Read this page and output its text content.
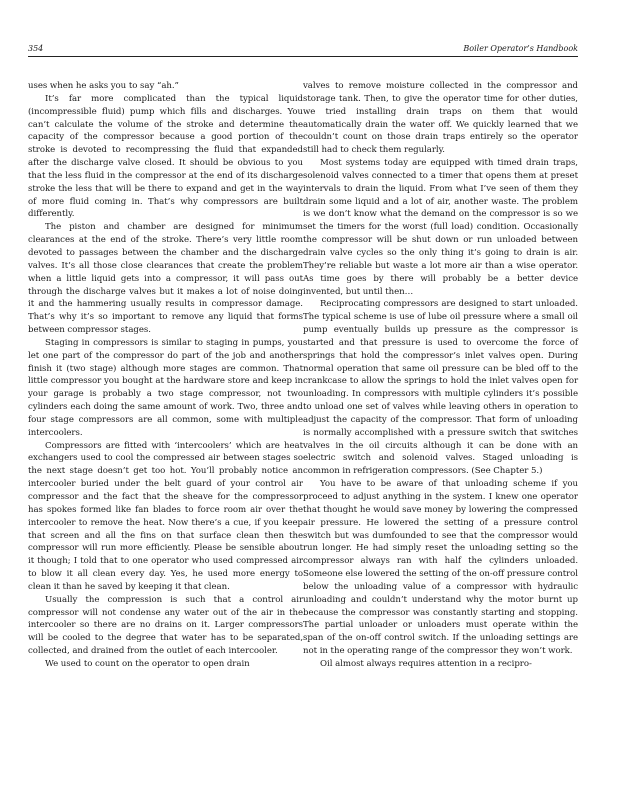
354	Boiler Operator’s Handbook

uses when he asks you to say “ah.”

It’s far more complicated than the typical liquid (incompressible fluid) pump which fills and discharges. You can’t calculate the volume of the stroke and determine the capacity of the compressor because a good portion of the stroke is devoted to recompressing the fluid that expanded after the discharge valve closed. It should be obvious to you that the less fluid in the compressor at the end of its discharge stroke the less that will be there to expand and get in the way of more fluid coming in. That’s why compressors are built differently.

The piston and chamber are designed for minimum clearances at the end of the stroke. There’s very little room devoted to passages between the chamber and the discharge valves. It’s all those close clearances that create the problem when a little liquid gets into a compressor, it will pass out through the discharge valves but it makes a lot of noise doing it and the hammering usually results in compressor damage. That’s why it’s so important to remove any liquid that forms between compressor stages.

Staging in compressors is similar to staging in pumps, you let one part of the compressor do part of the job and another finish it (two stage) although more stages are common. That little compressor you bought at the hardware store and keep in your garage is probably a two stage compressor, not two cylinders each doing the same amount of work. Two, three and four stage compressors are all common, some with multiple intercoolers.

Compressors are fitted with ‘intercoolers’ which are heat exchangers used to cool the compressed air between stages so the next stage doesn’t get too hot. You’ll probably notice an intercooler buried under the belt guard of your control air compressor and the fact that the sheave for the compressor has spokes formed like fan blades to force room air over the intercooler to remove the heat. Now there’s a cue, if you keep that screen and all the fins on that surface clean then the compressor will run more efficiently. Please be sensible about it though; I told that to one operator who used compressed air to blow it all clean every day. Yes, he used more energy to clean it than he saved by keeping it that clean.

Usually the compression is such that a control air compressor will not condense any water out of the air in the intercooler so there are no drains on it. Larger compressors will be cooled to the degree that water has to be separated, collected, and drained from the outlet of each intercooler.

We used to count on the operator to open drain

valves to remove moisture collected in the compressor and storage tank. Then, to give the operator time for other duties, we tried installing drain traps on them that would automatically drain the water off. We quickly learned that we couldn’t count on those drain traps entirely so the operator still had to check them regularly.

Most systems today are equipped with timed drain traps, solenoid valves connected to a timer that opens them at preset intervals to drain the liquid. From what I’ve seen of them they drain some liquid and a lot of air, another waste. The problem is we don’t know what the demand on the compressor is so we set the timers for the worst (full load) condition. Occasionally the compressor will be shut down or run unloaded between drain valve cycles so the only thing it’s going to drain is air. They’re reliable but waste a lot more air than a wise operator. As time goes by there will probably be a better device invented, but until then…

Reciprocating compressors are designed to start unloaded. The typical scheme is use of lube oil pressure where a small oil pump eventually builds up pressure as the compressor is started and that pressure is used to overcome the force of springs that hold the compressor’s inlet valves open. During normal operation that same oil pressure can be bled off to the crankcase to allow the springs to hold the inlet valves open for unloading. In compressors with multiple cylinders it’s possible to unload one set of valves while leaving others in operation to adjust the capacity of the compressor. That form of unloading is normally accomplished with a pressure switch that switches valves in the oil circuits although it can be done with an electric switch and solenoid valves. Staged unloading is common in refrigeration compressors. (See Chapter 5.)

You have to be aware of that unloading scheme if you proceed to adjust anything in the system. I knew one operator that thought he would save money by lowering the compressed air pressure. He lowered the setting of a pressure control switch but was dumfounded to see that the compressor would run longer. He had simply reset the unloading setting so the compressor always ran with half the cylinders unloaded. Someone else lowered the setting of the on-off pressure control below the unloading value of a compressor with hydraulic unloading and couldn’t understand why the motor burnt up because the compressor was constantly starting and stopping. The partial unloader or unloaders must operate within the span of the on-off control switch. If the unloading settings are not in the operating range of the compressor they won’t work.

Oil almost always requires attention in a recipro-
